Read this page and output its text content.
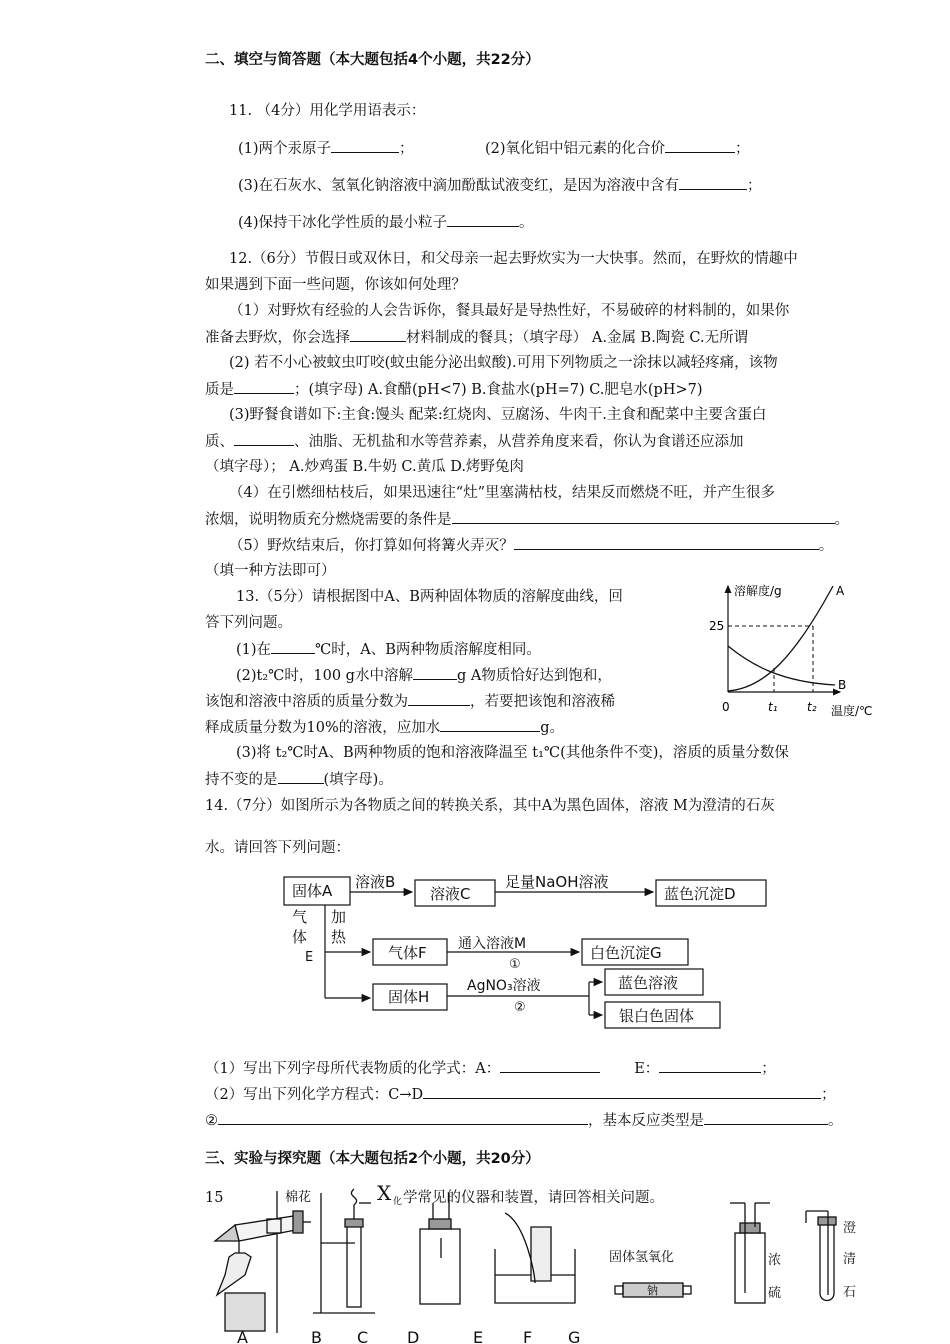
二、填空与简答题（本大题包括4个小题，共22分）
11. （4分）用化学用语表示：
(1)两个汞原子	；	(2)氧化铝中铝元素的化合价	；
(3)在石灰水、氢氧化钠溶液中滴加酚酞试液变红，是因为溶液中含有	；
(4)保持干冰化学性质的最小粒子	。
12.（6分）节假日或双休日，和父母亲一起去野炊实为一大快事。然而，在野炊的情趣中
如果遇到下面一些问题，你该如何处理？
（1）对野炊有经验的人会告诉你，餐具最好是导热性好，不易破碎的材料制的，如果你
准备去野炊，你会选择	材料制成的餐具；（填字母） A.金属 B.陶瓷 C.无所谓
(2) 若不小心被蚊虫叮咬(蚊虫能分泌出蚁酸).可用下列物质之一涂抹以减轻疼痛，该物
质是	；(填字母) A.食醋(pH<7) B.食盐水(pH=7) C.肥皂水(pH>7)
(3)野餐食谱如下:主食:馒头 配菜:红烧肉、豆腐汤、牛肉干.主食和配菜中主要含蛋白
质、	、油脂、无机盐和水等营养素，从营养角度来看，你认为食谱还应添加
（填字母）； A.炒鸡蛋 B.牛奶 C.黄瓜 D.烤野兔肉
（4）在引燃细枯枝后，如果迅速往“灶”里塞满枯枝，结果反而燃烧不旺，并产生很多
浓烟，说明物质充分燃烧需要的条件是	。
（5）野炊结束后，你打算如何将篝火弄灭？	。
（填一种方法即可）
13.（5分）请根据图中A、B两种固体物质的溶解度曲线，回
答下列问题。
(1)在	℃时，A、B两种物质溶解度相同。
(2)t₂℃时，100 g水中溶解	g A物质恰好达到饱和，
该饱和溶液中溶质的质量分数为	，若要把该饱和溶液稀
释成质量分数为10%的溶液，应加水	g。
(3)将 t₂℃时A、B两种物质的饱和溶液降温至 t₁℃(其他条件不变)，溶质的质量分数保
持不变的是	(填字母)。
溶解度/g	A
B
25
0	t₁ t₂ 温度/℃
14.（7分）如图所示为各物质之间的转换关系，其中A为黑色固体，溶液 M为澄清的石灰
水。请回答下列问题：
固体A 溶液B
溶液C
足量NaOH溶液
蓝色沉淀D
气
体
E
加
热
气体F 通入溶液M
①
白色沉淀G
固体H
AgNO₃溶液
②
蓝色溶液
银白色固体
（1）写出下列字母所代表物质的化学式：A：	E：	；
（2）写出下列化学方程式：C→D	；
②	，基本反应类型是	。
三、实验与探究题（本大题包括2个小题，共20分）
15	X 化 学常见的仪器和装置，请回答相关问题。
棉花
固体氢氧化
钠
浓
硫
澄
清
石
A	B C D	E F G
